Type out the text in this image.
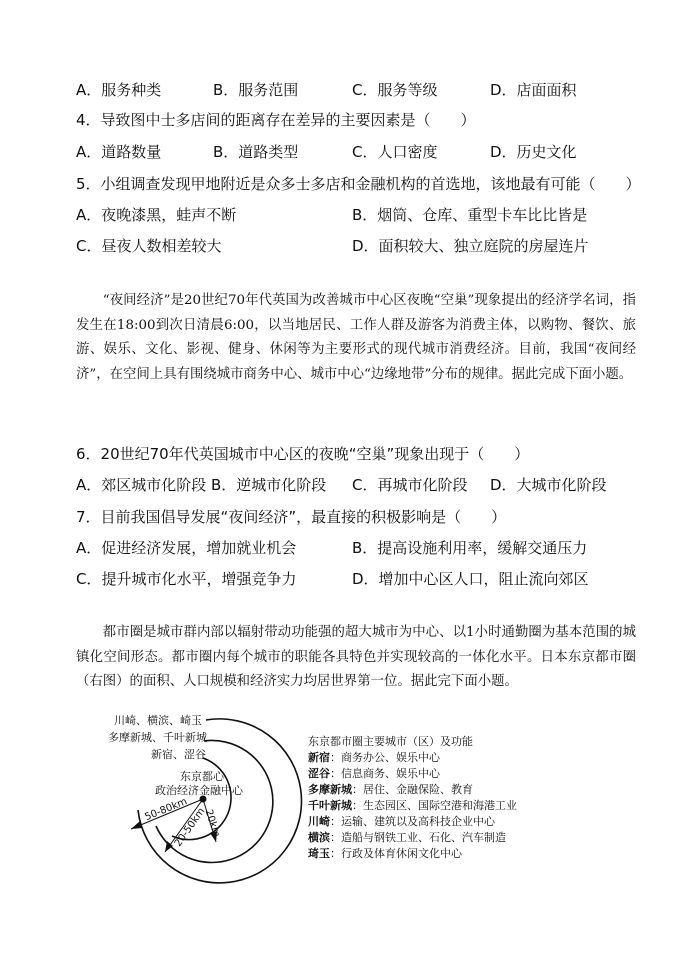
A．服务种类	B．服务范围	C．服务等级	D．店面面积
4．导致图中士多店间的距离存在差异的主要因素是（　　）
A．道路数量	B．道路类型	C．人口密度	D．历史文化
5．小组调查发现甲地附近是众多士多店和金融机构的首选地，该地最有可能（　　）
A．夜晚漆黑，蛙声不断	B．烟筒、仓库、重型卡车比比皆是
C．昼夜人数相差较大	D．面积较大、独立庭院的房屋连片

“夜间经济”是20世纪70年代英国为改善城市中心区夜晚“空巢”现象提出的经济学名词，指发生在18:00到次日清晨6:00，以当地居民、工作人群及游客为消费主体，以购物、餐饮、旅游、娱乐、文化、影视、健身、休闲等为主要形式的现代城市消费经济。目前，我国“夜间经济”，在空间上具有围绕城市商务中心、城市中心“边缘地带”分布的规律。据此完成下面小题。

6．20世纪70年代英国城市中心区的夜晚“空巢”现象出现于（　　）
A．郊区城市化阶段 B．逆城市化阶段 C．再城市化阶段 D．大城市化阶段
7．目前我国倡导发展“夜间经济”，最直接的积极影响是（　　）
A．促进经济发展，增加就业机会	B．提高设施利用率，缓解交通压力
C．提升城市化水平，增强竞争力	D．增加中心区人口，阻止流向郊区

都市圈是城市群内部以辐射带动功能强的超大城市为中心、以1小时通勤圈为基本范围的城镇化空间形态。都市圈内每个城市的职能各具特色并实现较高的一体化水平。日本东京都市圈（右图）的面积、人口规模和经济实力均居世界第一位。据此完下面小题。

川崎、横滨、崎玉
多摩新城、千叶新城
新宿、涩谷
东京都心
政治经济金融中心
50-80km
20-50km
20km
东京都市圈主要城市（区）及功能
新宿：商务办公、娱乐中心
涩谷：信息商务、娱乐中心
多摩新城：居住、金融保险、教育
千叶新城：生态园区、国际空港和海港工业
川崎：运输、建筑以及高科技企业中心
横滨：造船与钢铁工业、石化、汽车制造
琦玉：行政及体育休闲文化中心
